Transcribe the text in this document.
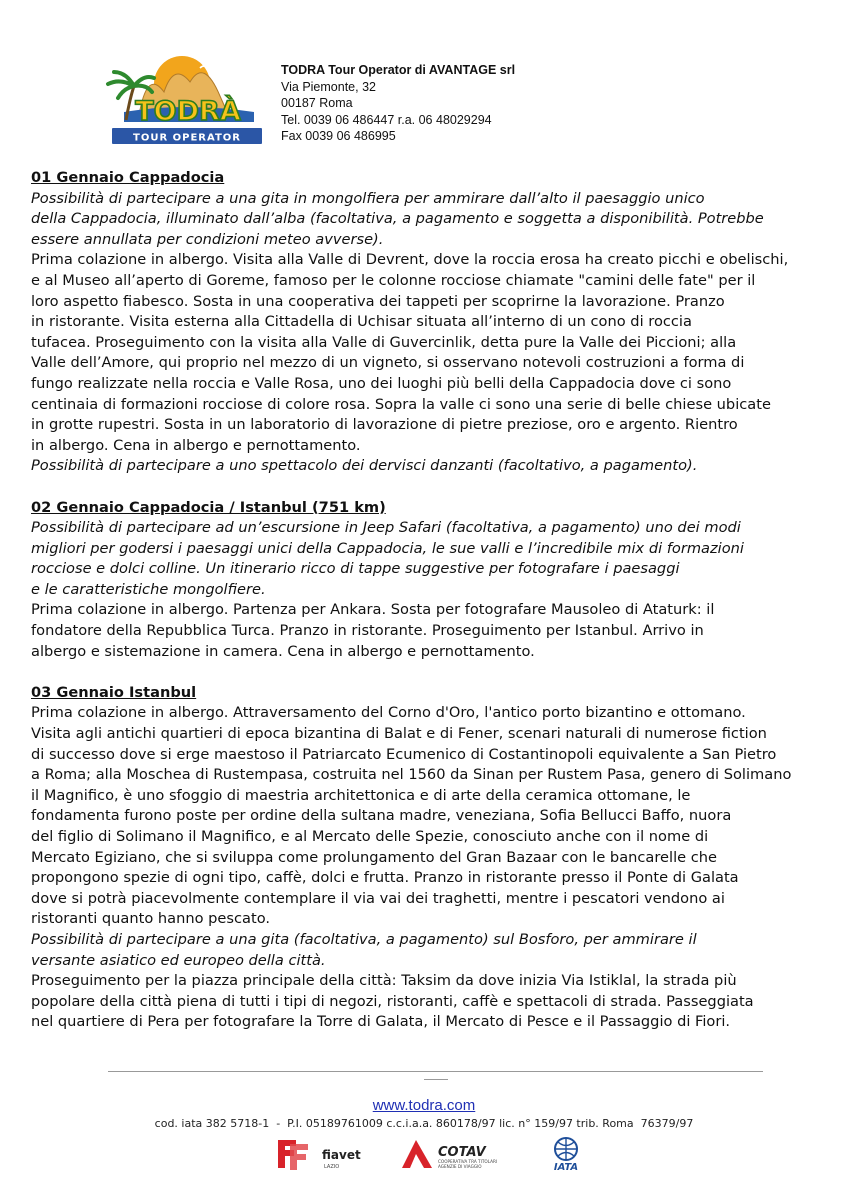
TODRÀ
TOUR OPERATOR
TODRA Tour Operator di AVANTAGE srl
Via Piemonte, 32
00187 Roma
Tel. 0039 06 486447 r.a. 06 48029294
Fax 0039 06 486995
01 Gennaio Cappadocia
Possibilità di partecipare a una gita in mongolfiera per ammirare dall’alto il paesaggio unico
della Cappadocia, illuminato dall’alba (facoltativa, a pagamento e soggetta a disponibilità. Potrebbe
essere annullata per condizioni meteo avverse).
Prima colazione in albergo. Visita alla Valle di Devrent, dove la roccia erosa ha creato picchi e obelischi,
e al Museo all’aperto di Goreme, famoso per le colonne rocciose chiamate "camini delle fate" per il
loro aspetto fiabesco. Sosta in una cooperativa dei tappeti per scoprirne la lavorazione. Pranzo
in ristorante. Visita esterna alla Cittadella di Uchisar situata all’interno di un cono di roccia
tufacea. Proseguimento con la visita alla Valle di Guvercinlik, detta pure la Valle dei Piccioni; alla
Valle dell’Amore, qui proprio nel mezzo di un vigneto, si osservano notevoli costruzioni a forma di
fungo realizzate nella roccia e Valle Rosa, uno dei luoghi più belli della Cappadocia dove ci sono
centinaia di formazioni rocciose di colore rosa. Sopra la valle ci sono una serie di belle chiese ubicate
in grotte rupestri. Sosta in un laboratorio di lavorazione di pietre preziose, oro e argento. Rientro
in albergo. Cena in albergo e pernottamento.
Possibilità di partecipare a uno spettacolo dei dervisci danzanti (facoltativo, a pagamento).
02 Gennaio Cappadocia / Istanbul (751 km)
Possibilità di partecipare ad un’escursione in Jeep Safari (facoltativa, a pagamento) uno dei modi
migliori per godersi i paesaggi unici della Cappadocia, le sue valli e l’incredibile mix di formazioni
rocciose e dolci colline. Un itinerario ricco di tappe suggestive per fotografare i paesaggi
e le caratteristiche mongolfiere.
Prima colazione in albergo. Partenza per Ankara. Sosta per fotografare Mausoleo di Ataturk: il
fondatore della Repubblica Turca. Pranzo in ristorante. Proseguimento per Istanbul. Arrivo in
albergo e sistemazione in camera. Cena in albergo e pernottamento.
03 Gennaio Istanbul
Prima colazione in albergo. Attraversamento del Corno d'Oro, l'antico porto bizantino e ottomano.
Visita agli antichi quartieri di epoca bizantina di Balat e di Fener, scenari naturali di numerose fiction
di successo dove si erge maestoso il Patriarcato Ecumenico di Costantinopoli equivalente a San Pietro
a Roma; alla Moschea di Rustempasa, costruita nel 1560 da Sinan per Rustem Pasa, genero di Solimano
il Magnifico, è uno sfoggio di maestria architettonica e di arte della ceramica ottomane, le
fondamenta furono poste per ordine della sultana madre, veneziana, Sofia Bellucci Baffo, nuora
del figlio di Solimano il Magnifico, e al Mercato delle Spezie, conosciuto anche con il nome di
Mercato Egiziano, che si sviluppa come prolungamento del Gran Bazaar con le bancarelle che
propongono spezie di ogni tipo, caffè, dolci e frutta. Pranzo in ristorante presso il Ponte di Galata
dove si potrà piacevolmente contemplare il via vai dei traghetti, mentre i pescatori vendono ai
ristoranti quanto hanno pescato.
Possibilità di partecipare a una gita (facoltativa, a pagamento) sul Bosforo, per ammirare il
versante asiatico ed europeo della città.
Proseguimento per la piazza principale della città: Taksim da dove inizia Via Istiklal, la strada più
popolare della città piena di tutti i tipi di negozi, ristoranti, caffè e spettacoli di strada. Passeggiata
nel quartiere di Pera per fotografare la Torre di Galata, il Mercato di Pesce e il Passaggio di Fiori.
www.todra.com
cod. iata 382 5718-1  -  P.I. 05189761009 c.c.i.a.a. 860178/97 lic. n° 159/97 trib. Roma  76379/97
fiavet
LAZIO
COTAV
COOPERATIVA TRA TITOLARI
AGENZIE DI VIAGGIO	IATA
